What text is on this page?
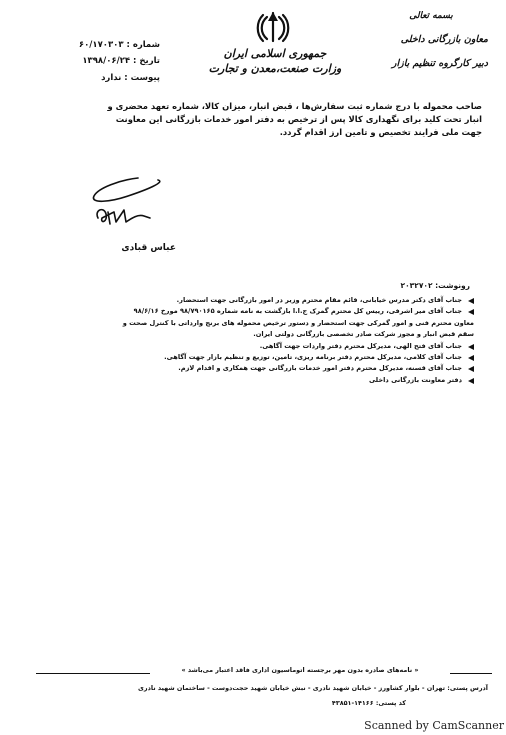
جمهوری اسلامی ایران
وزارت صنعت،معدن و تجارت
بسمه تعالی
معاون بازرگانی داخلی
دبیر کارگروه تنظیم بازار
شماره : ۶۰/۱۷۰۳۰۳
تاریخ : ۱۳۹۸/۰۶/۲۴
پیوست : ندارد
صاحب محموله با درج شماره ثبت سفارش‌ها ، قبض انبار، میزان کالا، شماره تعهد محضری و
انبار تحت کلید برای نگهداری کالا پس از ترخیص به دفتر امور خدمات بازرگانی این معاونت
جهت ملی فرایند تخصیص و تامین ارز اقدام گردد.
عباس قبادی
رونوشت: ۲۰۳۲۷۰۲
جناب آقای دکتر مدرس خیابانی، قائم مقام محترم وزیر در امور بازرگانی جهت استحضار.
جناب آقای میر اشرفی، رییس کل محترم گمرک ج.ا.ا بازگشت به نامه شماره ۹۸/۷۹۰۱۶۵ مورخ ۹۸/۶/۱۶
معاون محترم فنی و امور گمرکی جهت استحضار و دستور ترخیص محموله های برنج وارداتی با کنترل صحت و
سقم قبض انبار و مجوز شرکت صادر تخصصی بازرگانی دولتی ایران.
جناب آقای فتح الهی، مدیرکل محترم دفتر واردات جهت آگاهی.
جناب آقای کلامی، مدیرکل محترم دفتر برنامه ریزی، تامین، توزیع و تنظیم بازار جهت آگاهی.
جناب آقای قسنه، مدیرکل محترم دفتر امور خدمات بازرگانی جهت همکاری و اقدام لازم.
دفتر معاونت بازرگانی داخلی
« نامه‌های صادره بدون مهر برجسته اتوماسیون اداری فاقد اعتبار می‌باشد »
آدرس پستی: تهران - بلوار کشاورز - خیابان شهید نادری - نبش خیابان شهید حجت‌دوست - ساختمان شهید نادری
کد پستی: ۱۴۱۶۶-۴۳۸۵۱
Scanned by CamScanner
